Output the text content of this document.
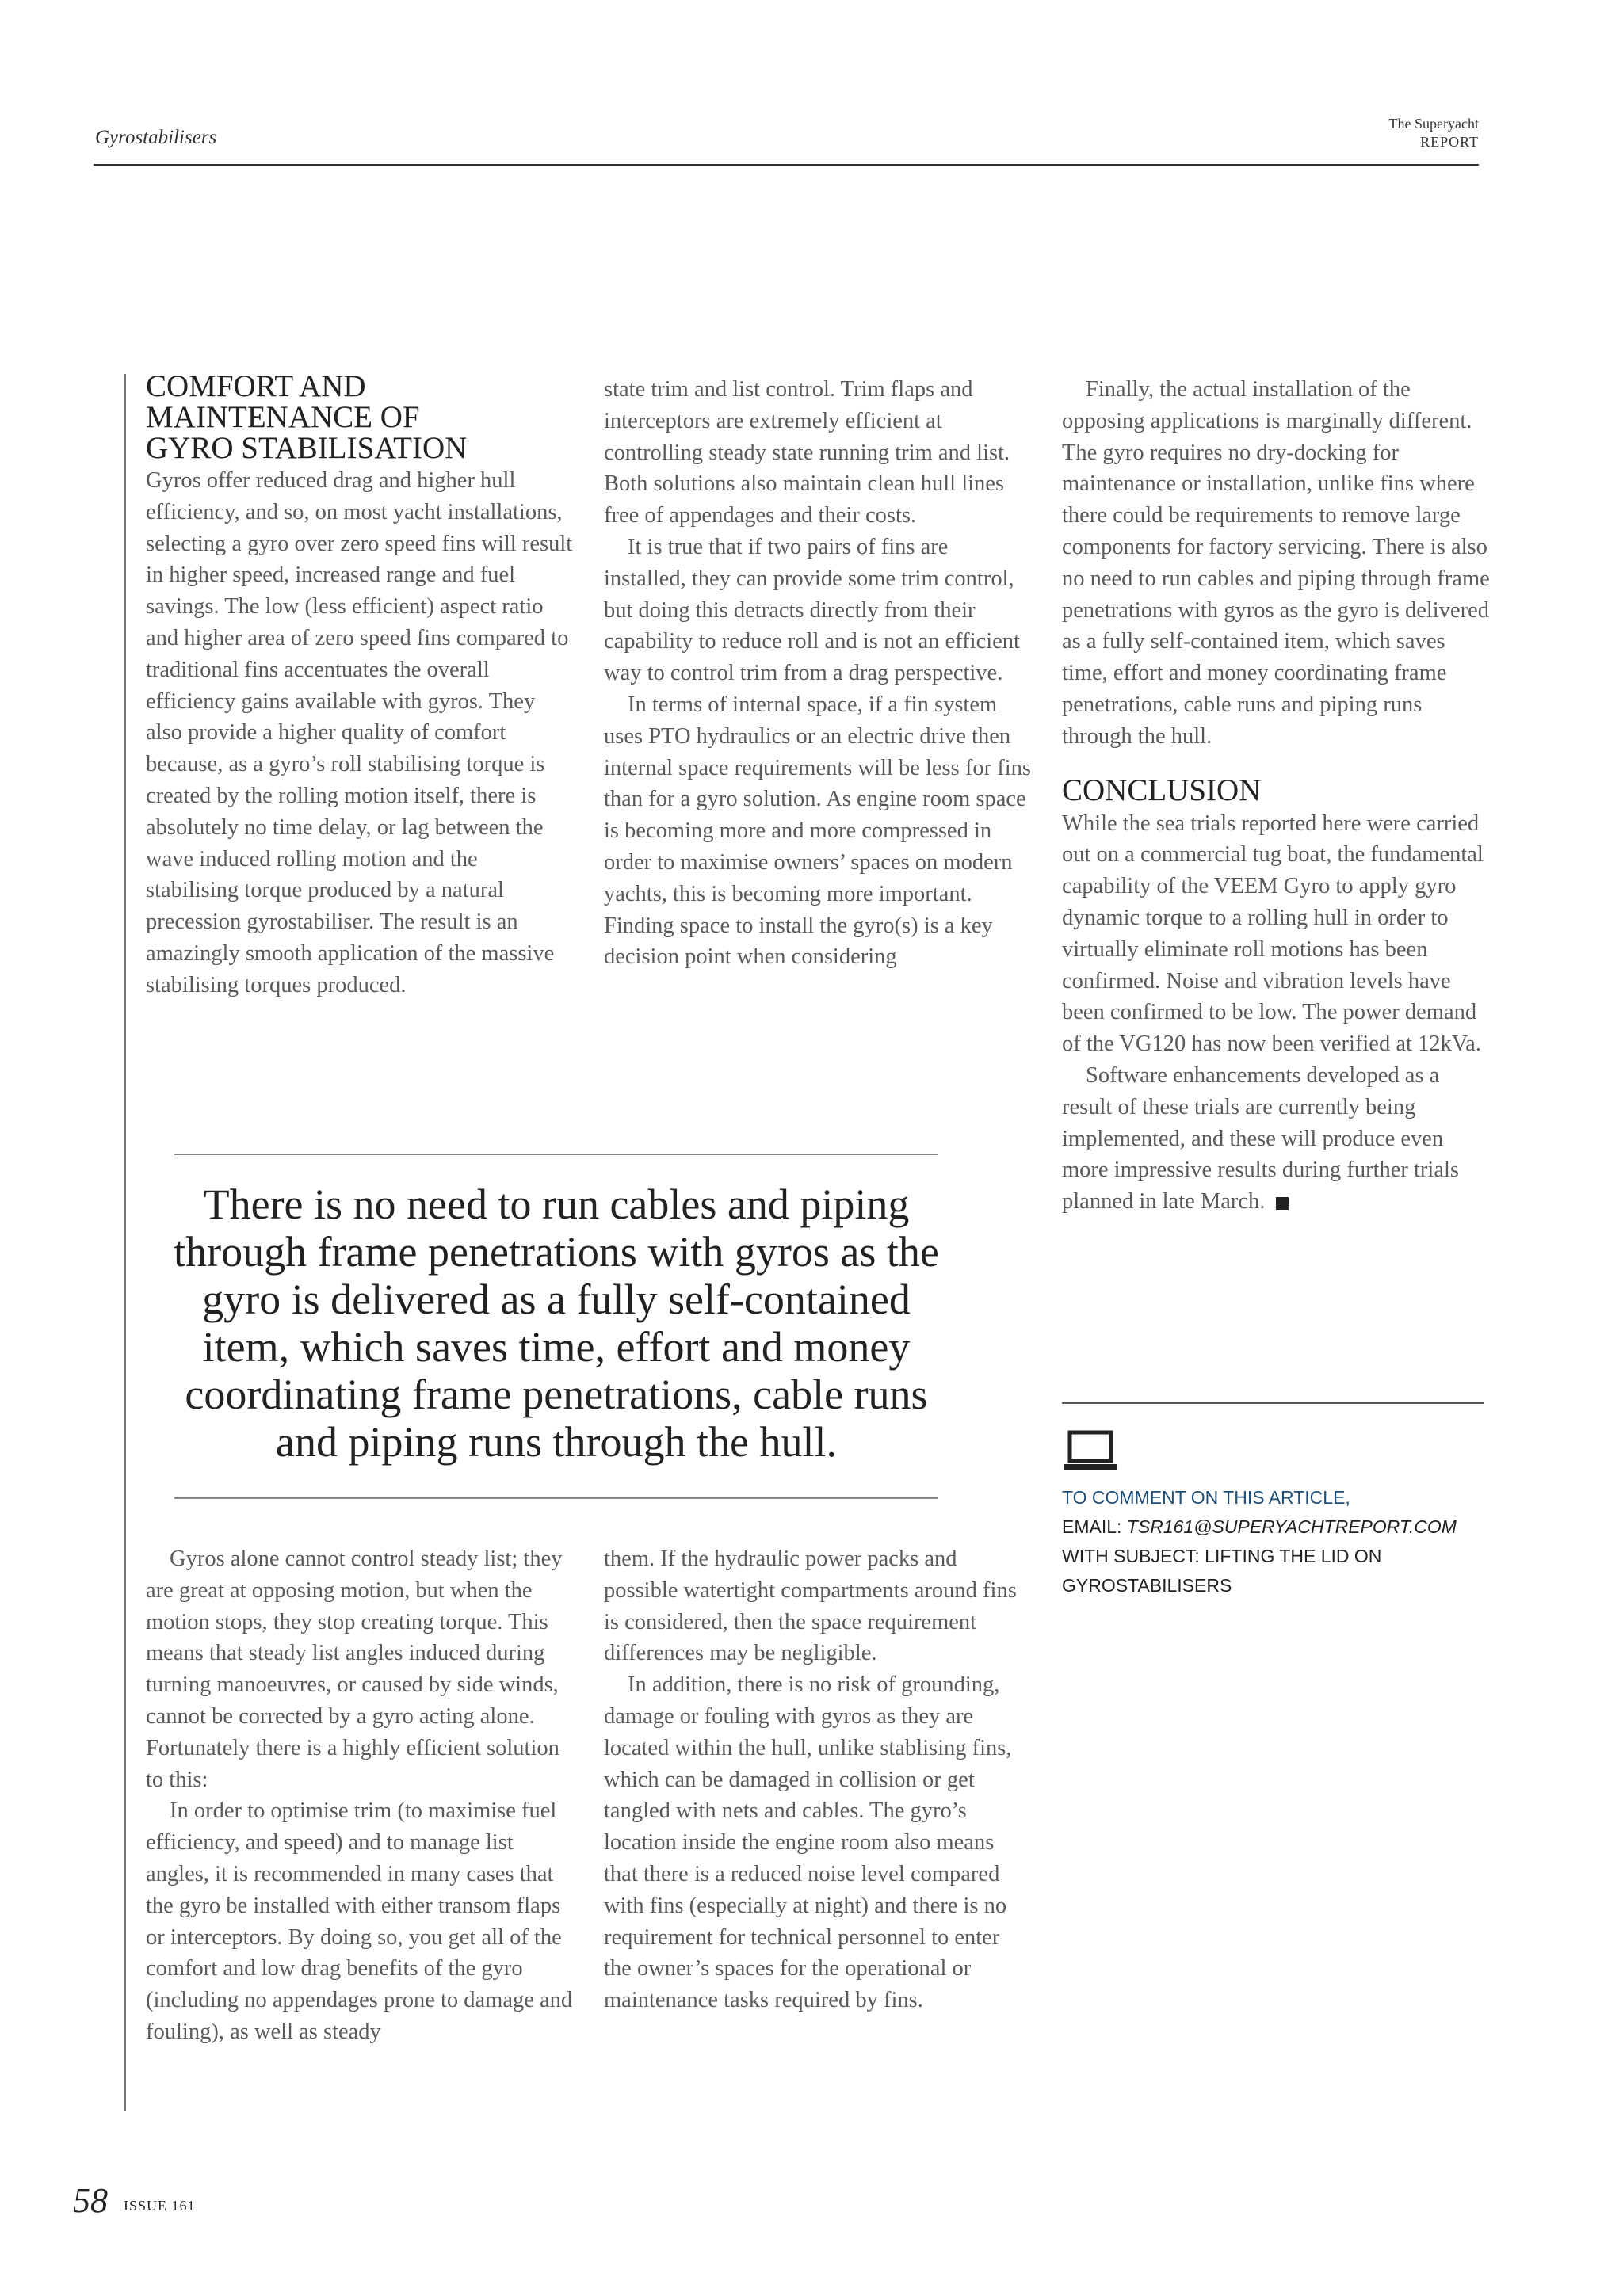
Gyrostabilisers
The Superyacht
REPORT
COMFORT AND
MAINTENANCE OF
GYRO STABILISATION

Gyros offer reduced drag and higher hull efficiency, and so, on most yacht installations, selecting a gyro over zero speed fins will result in higher speed, increased range and fuel savings. The low (less efficient) aspect ratio and higher area of zero speed fins compared to traditional fins accentuates the overall efficiency gains available with gyros. They also provide a higher quality of comfort because, as a gyro’s roll stabilising torque is created by the rolling motion itself, there is absolutely no time delay, or lag between the wave induced rolling motion and the stabilising torque produced by a natural precession gyrostabiliser. The result is an amazingly smooth application of the massive stabilising torques produced.

state trim and list control. Trim flaps and interceptors are extremely efficient at controlling steady state running trim and list. Both solutions also maintain clean hull lines free of appendages and their costs.

It is true that if two pairs of fins are installed, they can provide some trim control, but doing this detracts directly from their capability to reduce roll and is not an efficient way to control trim from a drag perspective.

In terms of internal space, if a fin system uses PTO hydraulics or an electric drive then internal space requirements will be less for fins than for a gyro solution. As engine room space is becoming more and more compressed in order to maximise owners’ spaces on modern yachts, this is becoming more important. Finding space to install the gyro(s) is a key decision point when considering

Finally, the actual installation of the opposing applications is marginally different. The gyro requires no dry-docking for maintenance or installation, unlike fins where there could be requirements to remove large components for factory servicing. There is also no need to run cables and piping through frame penetrations with gyros as the gyro is delivered as a fully self-contained item, which saves time, effort and money coordinating frame penetrations, cable runs and piping runs through the hull.

CONCLUSION

While the sea trials reported here were carried out on a commercial tug boat, the fundamental capability of the VEEM Gyro to apply gyro dynamic torque to a rolling hull in order to virtually eliminate roll motions has been confirmed. Noise and vibration levels have been confirmed to be low. The power demand of the VG120 has now been verified at 12kVa.

Software enhancements developed as a result of these trials are currently being implemented, and these will produce even more impressive results during further trials planned in late March.

There is no need to run cables and piping through frame penetrations with gyros as the gyro is delivered as a fully self-contained item, which saves time, effort and money coordinating frame penetrations, cable runs and piping runs through the hull.

Gyros alone cannot control steady list; they are great at opposing motion, but when the motion stops, they stop creating torque. This means that steady list angles induced during turning manoeuvres, or caused by side winds, cannot be corrected by a gyro acting alone. Fortunately there is a highly efficient solution to this:

In order to optimise trim (to maximise fuel efficiency, and speed) and to manage list angles, it is recommended in many cases that the gyro be installed with either transom flaps or interceptors. By doing so, you get all of the comfort and low drag benefits of the gyro (including no appendages prone to damage and fouling), as well as steady

them. If the hydraulic power packs and possible watertight compartments around fins is considered, then the space requirement differences may be negligible.

In addition, there is no risk of grounding, damage or fouling with gyros as they are located within the hull, unlike stablising fins, which can be damaged in collision or get tangled with nets and cables. The gyro’s location inside the engine room also means that there is a reduced noise level compared with fins (especially at night) and there is no requirement for technical personnel to enter the owner’s spaces for the operational or maintenance tasks required by fins.

TO COMMENT ON THIS ARTICLE,
EMAIL: TSR161@SUPERYACHTREPORT.COM
WITH SUBJECT: LIFTING THE LID ON
GYROSTABILISERS
58 ISSUE 161
